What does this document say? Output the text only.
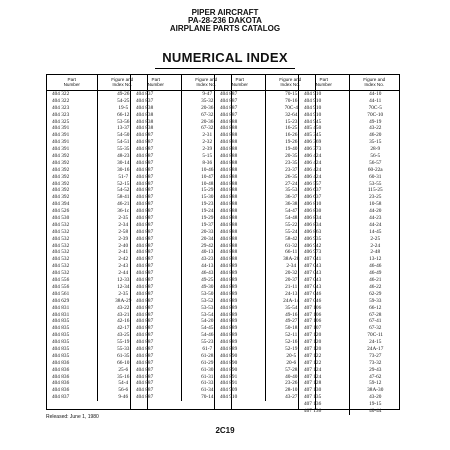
PIPER AIRCRAFT
PA-28-236 DAKOTA
AIRPLANE PARTS CATALOG
NUMERICAL INDEX
Part
Number
Figure and
Index No.
404 322	49-26
404 322	54-25
404 323	19-5
404 323	66-12
404 325	53-56
404 391	13-37
404 391	54-50
404 391	54-51
404 391	55-35
404 392	48-23
404 392	30-14
404 392	30-16
404 392	51-7
404 392	52-15
404 392	54-52
404 392	58-41
404 394	46-21
404 526	36-1c
404 530	2-35
404 532	2-34
404 532	2-58
404 532	2-39
404 532	2-40
404 532	2-41
404 532	2-42
404 532	2-43
404 532	2-44
404 556	12-33
404 556	12-34
404 561	2-35
404 629	38A-29
404 831	43-22
404 831	43-21
404 835	42-16
404 835	42-17
404 835	43-25
404 835	55-19
404 835	55-33
404 835	61-35
404 836	66-10
404 836	25-6
404 836	35-16
404 836	54-4
404 836	56-6
404 837	9-46
Part
Number
Figure and
Index No.
404 837	9-47
404 837	35-32
404 838	20-36
404 838	67-32
404 838	20-36
404 838	67-32
404 887	2-31
404 887	2-32
404 887	2-39
404 887	5-15
404 887	8-36
404 887	10-46
404 887	10-47
404 887	10-48
404 887	15-29
404 887	15-30
404 887	19-23
404 887	19-24
404 887	19-29
404 887	19-37
404 887	20-33
404 887	20-34
404 887	29-42
404 887	40-13
404 887	43-23
404 887	44-13
404 887	46-43
404 887	49-25
404 887	49-30
404 887	53-50
404 887	53-52
404 887	53-53
404 887	53-54
404 887	54-20
404 887	54-45
404 887	54-46
404 887	55-23
404 887	61-7
404 887	61-28
404 887	61-29
404 887	61-30
404 887	61-31
404 887	61-33
404 887	61-34
404 887	70-14
Part
Number
Figure and
Index No.
404 887	70-15
404 887	70-16
404 887	70C-4
404 887	32-64
404 888	15-23
404 888	16-25
404 888	16-26
404 888	19-26
404 888	19-40
404 888	20-35
404 888	23-35
404 888	23-37
404 888	26-35
404 888	27-24
404 888	35-53
404 888	36-37
404 888	36-38
404 888	54-47
404 888	54-48
404 888	55-22
404 888	55-24
404 888	58-42
404 888	61-32
404 888	66-11
404 888	38A-28
404 889	2-34
404 889	20-32
404 889	20-37
404 889	21-11
404 889	24-13
404 889	24A-14
404 889	35-54
404 889	49-16
404 889	49-27
404 889	50-18
404 889	52-11
404 889	52-16
404 889	52-19
404 890	20-5
404 890	20-6
404 890	57-28
404 891	40-40
404 891	23-26
404 909	28-10
404 910	43-27
Part
Number
Figure and
Index No.
404 910	44-10
404 910	44-11
404 910	70C-5
404 910	70C-10
404 945	49-19
405 450	43-22
405 345	46-20
406 369	35-15
406 373	28-9
406 424	56-5
406 424	56-57
406 424	60-22a
406 424	60-31
406 557	53-55
406 637	115-25
406 637	23-25
406 810	10-58
406 830	44-20
406 834	44-23
406 834	44-24
406 863	14-45
406 935	2-25
406 942	2-24
406 973	2-48
407 041	13-12
407 043	46-46
407 043	46-49
407 043	46-21
407 043	46-22
407 046	62-29
407 046	59-33
407 106	66-12
407 106	67-28
407 106	67-41
407 107	67-32
407 120	70C-11
407 120	24-15
407 120	24A-17
407 122	73-27
407 122	73-32
407 124	29-43
407 124	47-62
407 128	59-12
407 130	38A-30
407 135	43-20
407 136	19-15
407 136	40-44
Released: June 1, 1980
2C19
